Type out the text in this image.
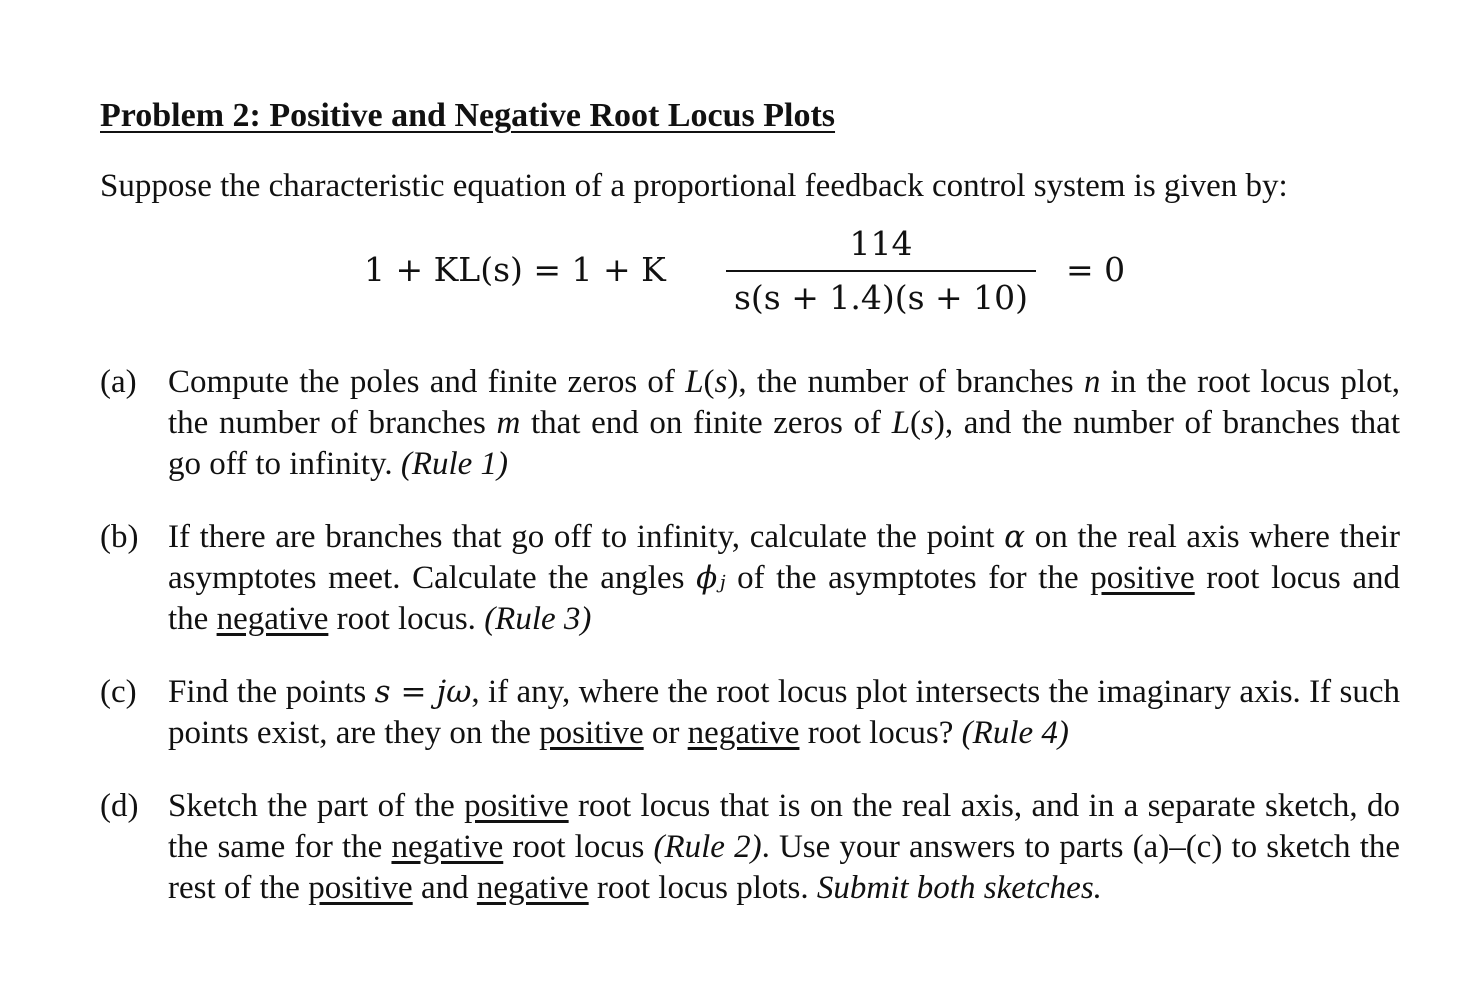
Problem 2: Positive and Negative Root Locus Plots

Suppose the characteristic equation of a proportional feedback control system is given by:

1 + KL(s) = 1 + K
114
s(s + 1.4)(s + 10)
= 0
(a) Compute the poles and finite zeros of L(s), the number of branches n in the root locus plot, the number of branches m that end on finite zeros of L(s), and the number of branches that go off to infinity. (Rule 1)
(b) If there are branches that go off to infinity, calculate the point α on the real axis where their asymptotes meet. Calculate the angles ϕⱼ of the asymptotes for the positive root locus and the negative root locus. (Rule 3)
(c) Find the points s = jω, if any, where the root locus plot intersects the imaginary axis. If such points exist, are they on the positive or negative root locus? (Rule 4)
(d) Sketch the part of the positive root locus that is on the real axis, and in a separate sketch, do the same for the negative root locus (Rule 2). Use your answers to parts (a)–(c) to sketch the rest of the positive and negative root locus plots. Submit both sketches.
